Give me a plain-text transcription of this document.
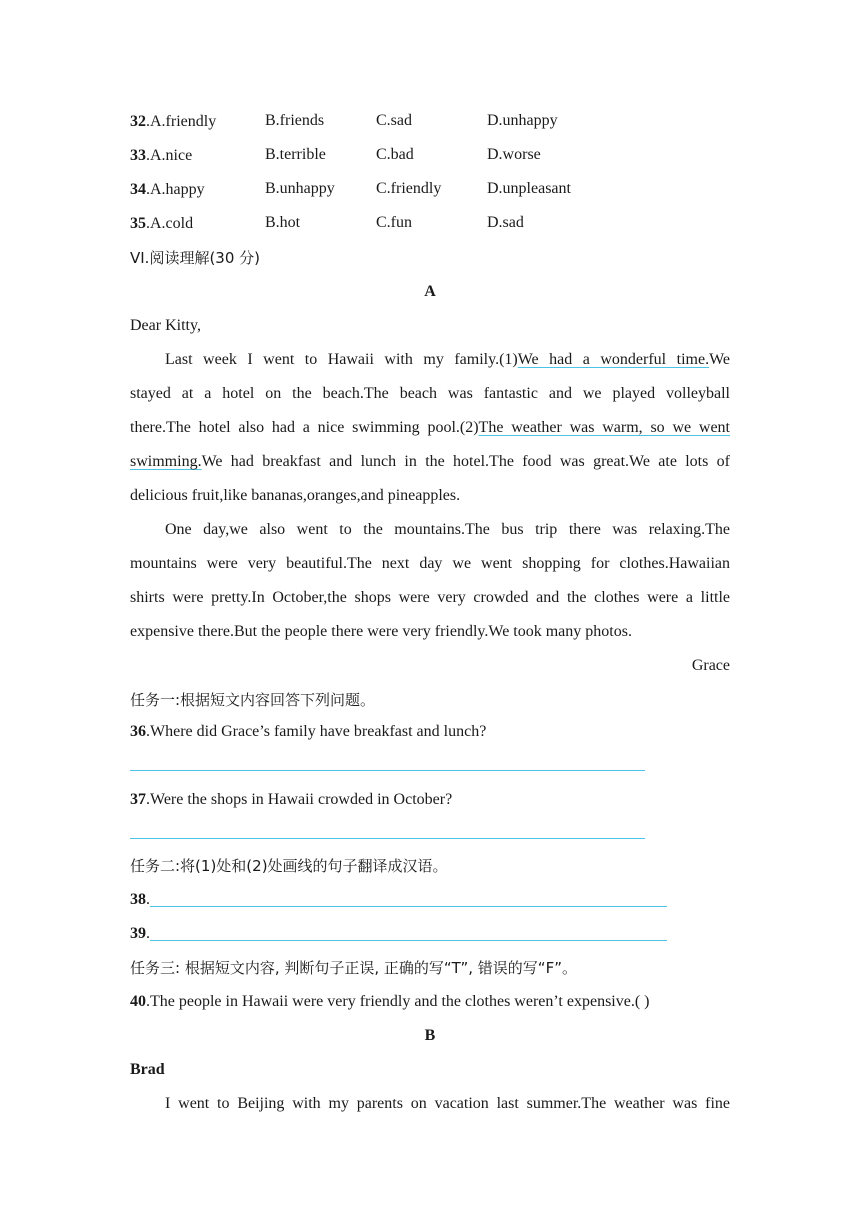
32.A.friendly	B.friends	C.sad	D.unhappy
33.A.nice	B.terrible	C.bad	D.worse
34.A.happy	B.unhappy	C.friendly	D.unpleasant
35.A.cold	B.hot	C.fun	D.sad
VI.阅读理解(30 分)
A
Dear Kitty,
Last week I went to Hawaii with my family.(1)We had a wonderful time.We
stayed at a hotel on the beach.The beach was fantastic and we played volleyball
there.The hotel also had a nice swimming pool.(2)The weather was warm, so we went
swimming.We had breakfast and lunch in the hotel.The food was great.We ate lots of
delicious fruit,like bananas,oranges,and pineapples.
One day,we also went to the mountains.The bus trip there was relaxing.The
mountains were very beautiful.The next day we went shopping for clothes.Hawaiian
shirts were pretty.In October,the shops were very crowded and the clothes were a little
expensive there.But the people there were very friendly.We took many photos.
Grace
任务一:根据短文内容回答下列问题。
36.Where did Grace’s family have breakfast and lunch?
37.Were the shops in Hawaii crowded in October?
任务二:将(1)处和(2)处画线的句子翻译成汉语。
38.
39.
任务三: 根据短文内容, 判断句子正误, 正确的写“T”, 错误的写“F”。
40.The people in Hawaii were very friendly and the clothes weren’t expensive.( )
B
Brad
I went to Beijing with my parents on vacation last summer.The weather was fine
